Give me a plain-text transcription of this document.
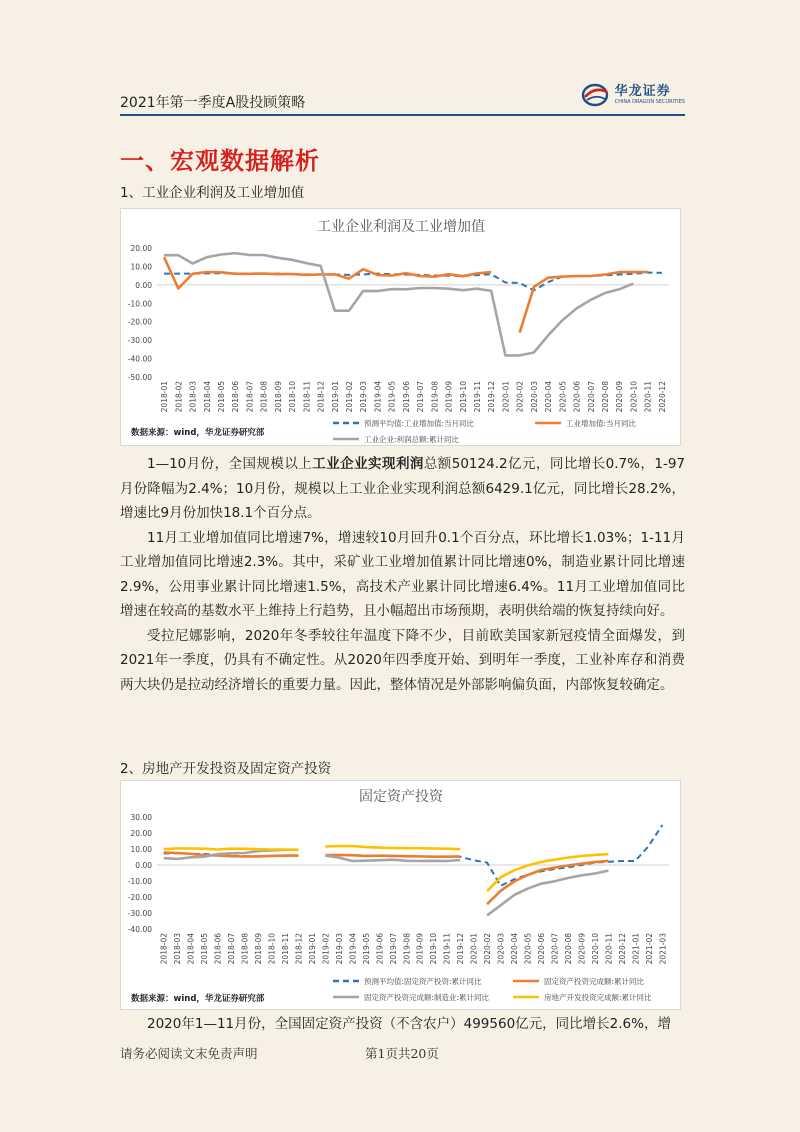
2021年第一季度A股投顾策略
华龙证券
CHINA DRAGON SECURITIES
一、宏观数据解析
1、工业企业利润及工业增加值
工业企业利润及工业增加值
20.00
10.00
0.00
-10.00
-20.00
-30.00
-40.00
-50.00
2018-01 2018-02 2018-03 2018-04 2018-05 2018-06 2018-07 2018-08 2018-09 2018-10 2018-11 2018-12 2019-01 2019-02 2019-03 2019-04 2019-05 2019-06 2019-07 2019-08 2019-09 2019-10 2019-11 2019-12 2020-01 2020-02 2020-03 2020-04 2020-05 2020-06 2020-07 2020-08 2020-09 2020-10 2020-11 2020-12
数据来源：wind，华龙证券研究部
预测平均值:工业增加值:当月同比	工业增加值:当月同比
工业企业:利润总额:累计同比

1—10月份，全国规模以上工业企业实现利润总额50124.2亿元，同比增长0.7%，1-97月份降幅为2.4%；10月份，规模以上工业企业实现利润总额6429.1亿元，同比增长28.2%，增速比9月份加快18.1个百分点。

11月工业增加值同比增速7%，增速较10月回升0.1个百分点，环比增长1.03%；1-11月工业增加值同比增速2.3%。其中，采矿业工业增加值累计同比增速0%，制造业累计同比增速2.9%，公用事业累计同比增速1.5%，高技术产业累计同比增速6.4%。11月工业增加值同比增速在较高的基数水平上维持上行趋势，且小幅超出市场预期，表明供给端的恢复持续向好。

受拉尼娜影响，2020年冬季较往年温度下降不少，目前欧美国家新冠疫情全面爆发，到2021年一季度，仍具有不确定性。从2020年四季度开始、到明年一季度，工业补库存和消费两大块仍是拉动经济增长的重要力量。因此，整体情况是外部影响偏负面，内部恢复较确定。

2、房地产开发投资及固定资产投资
固定资产投资
30.00
20.00
10.00
0.00
-10.00
-20.00
-30.00
-40.00
2018-02 2018-03 2018-04 2018-05 2018-06 2018-07 2018-08 2018-09 2018-10 2018-11 2018-12 2019-01 2019-02 2019-03 2019-04 2019-05 2019-06 2019-07 2019-08 2019-09 2019-10 2019-11 2019-12 2020-01 2020-02 2020-03 2020-04 2020-05 2020-06 2020-07 2020-08 2020-09 2020-10 2020-11 2020-12 2021-01 2021-02 2021-03
数据来源：wind，华龙证券研究部
预测平均值:固定资产投资:累计同比	固定资产投资完成额:累计同比
固定资产投资完成额:制造业:累计同比	房地产开发投资完成额:累计同比

2020年1—11月份，全国固定资产投资（不含农户）499560亿元，同比增长2.6%，增

请务必阅读文末免责声明	第1页共20页
